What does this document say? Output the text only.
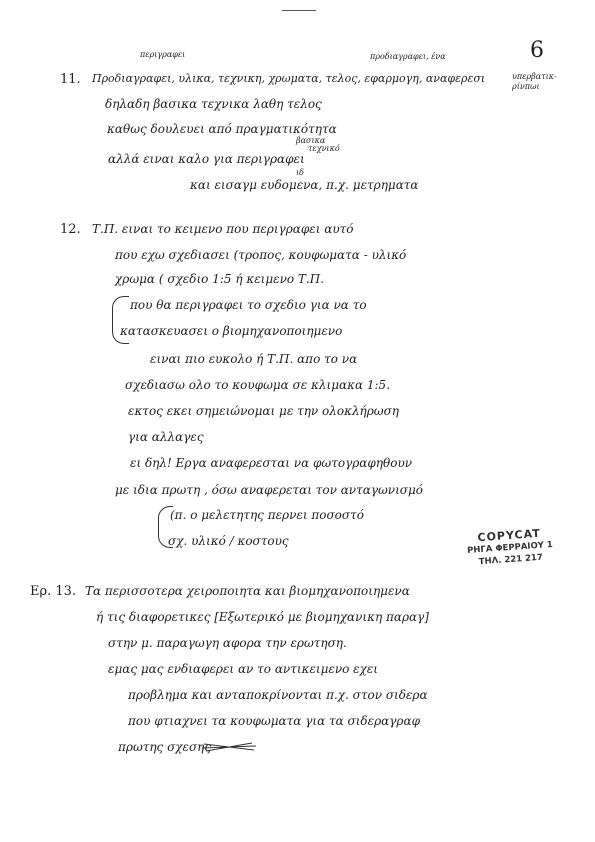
6
περιγραφει	προδιαγραφει, ένα
υπερβατικ- ρίνπωι
11. Προδιαγραφει, υλικα, τεχνικη, χρωματα, τελος, εφαρμογη, αναφερεσι
δηλαδη βασικα τεχνικα λαθη τελος
καθως δουλευει από πραγματικότητα
βασικα
τεχνικό
αλλά ειναι καλο για περιγραφει
ιδ
και εισαγμ ευδομενα, π.χ. μετρηματα
12. Τ.Π. ειναι το κειμενο που περιγραφει αυτό
που εχω σχεδιασει (τροπος, κουφωματα - υλικό
χρωμα ( σχεδιο 1:5 ή κειμενο Τ.Π.
που θα περιγραφει το σχεδιο για να το
κατασκευασει ο βιομηχανοποιημενο
ειναι πιο ευκολο ή Τ.Π. απο το να
σχεδιασω ολο το κουφωμα σε κλιμακα 1:5.
εκτος εκει σημειώνομαι με την ολοκλήρωση
για αλλαγες
ει δηλ! Εργα αναφερεσται να φωτογραφηθουν
με ιδια πρωτη , όσω αναφερεται τον ανταγωνισμό
(π. ο μελετητης περνει ποσοστό
σχ. υλικό / κοστους	COPYCAT
ΡΗΓΑ ΦΕΡΡΑΙΟΥ 1
ΤΗΛ. 221 217
Ερ. 13. Τα περισσοτερα χειροποιητα και βιομηχανοποιημενα
ή τις διαφορετικες [Εξωτερικό με βιομηχανικη παραγ]
στην μ. παραγωγη αφορα την ερωτηση.
εμας μας ενδιαφερει αν το αντικειμενο εχει
προβλημα και ανταποκρίνονται π.χ. στον σιδερα
που φτιαχνει τα κουφωματα για τα σιδεραγραφ
πρωτης σχεσης
